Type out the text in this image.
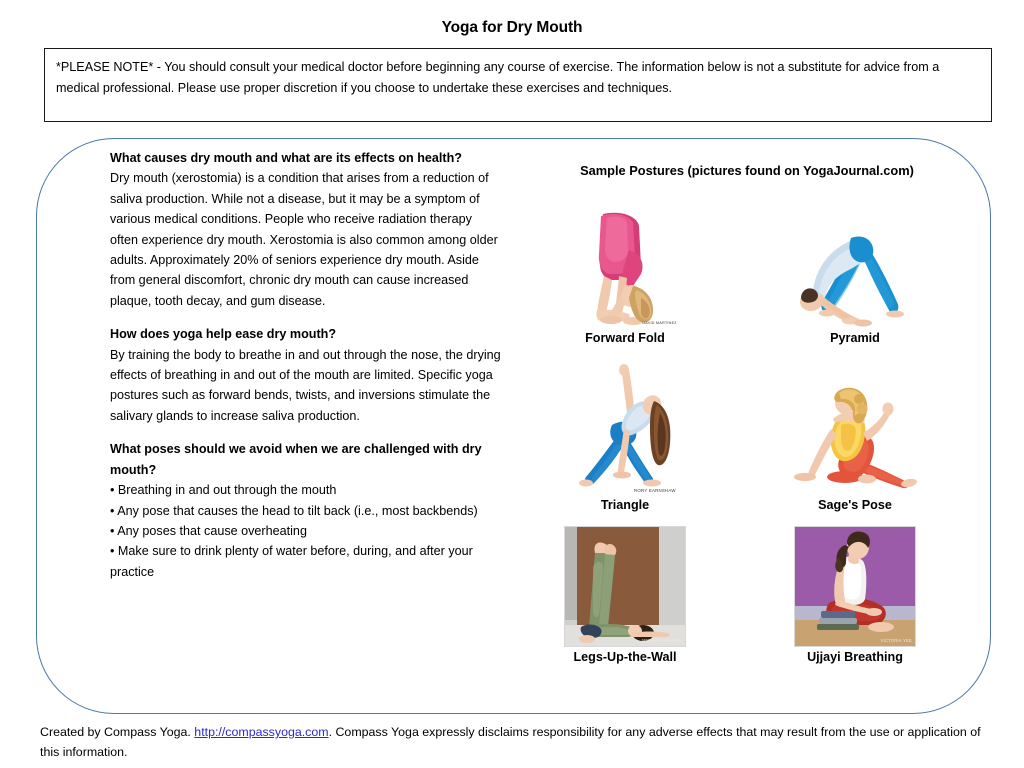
Yoga for Dry Mouth
*PLEASE NOTE* - You should consult your medical doctor before beginning any course of exercise. The information below is not a substitute for advice from a medical professional. Please use proper discretion if you choose to undertake these exercises and techniques.

What causes dry mouth and what are its effects on health?

Dry mouth (xerostomia) is a condition that arises from a reduction of saliva production. While not a disease, but it may be a symptom of various medical conditions. People who receive radiation therapy often experience dry mouth. Xerostomia is also common among older adults. Approximately 20% of seniors experience dry mouth. Aside from general discomfort, chronic dry mouth can cause increased plaque, tooth decay, and gum disease.

How does yoga help ease dry mouth?

By training the body to breathe in and out through the nose, the drying effects of breathing in and out of the mouth are limited. Specific yoga postures such as forward bends, twists, and inversions stimulate the salivary glands to increase saliva production.

What poses should we avoid when we are challenged with dry mouth?

• Breathing in and out through the mouth

• Any pose that causes the head to tilt back (i.e., most backbends)

• Any poses that cause overheating

• Make sure to drink plenty of water before, during, and after your practice

Sample Postures (pictures found on YogaJournal.com)
DAVID MARTINEZ
Forward Fold	Pyramid
RORY EARNSHAW
Triangle	Sage's Pose
MICHAEL VENERA
Legs-Up-the-Wall
VICTORIA YEE
Ujjayi Breathing
Created by Compass Yoga. http://compassyoga.com. Compass Yoga expressly disclaims responsibility for any adverse effects that may result from the use or application of this information.
